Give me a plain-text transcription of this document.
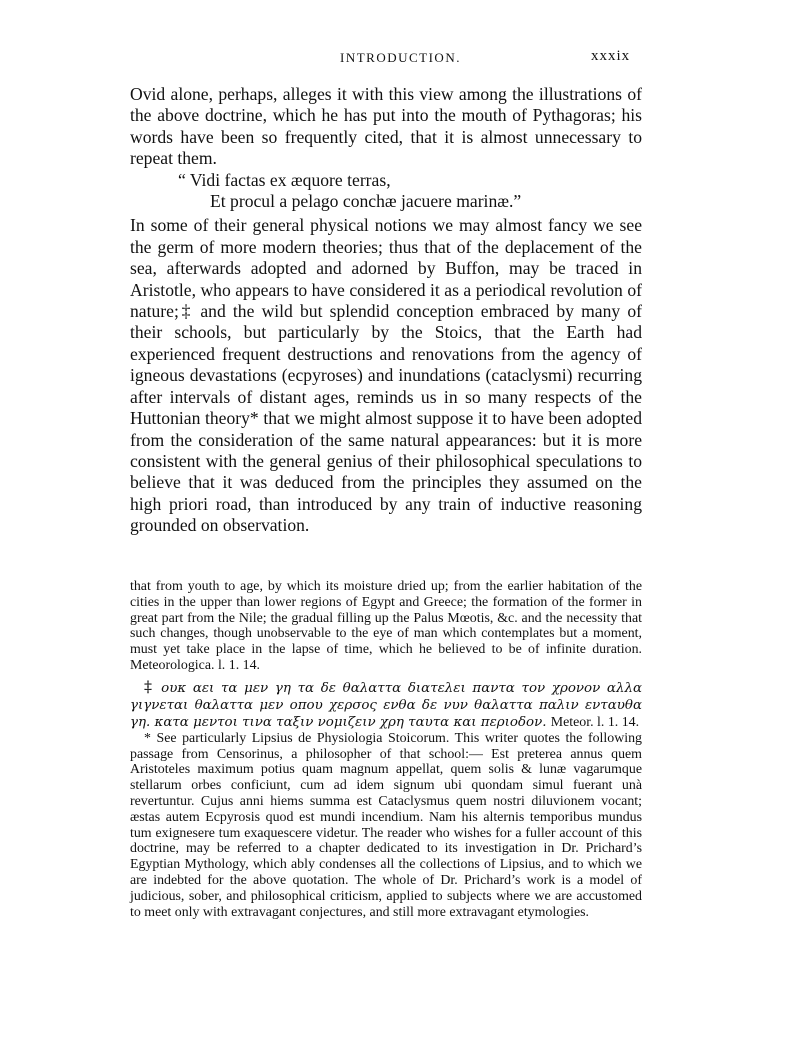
INTRODUCTION.	xxxix

Ovid alone, perhaps, alleges it with this view among the illustrations of the above doctrine, which he has put into the mouth of Pythagoras; his words have been so frequently cited, that it is almost unnecessary to repeat them.

“ Vidi factas ex æquore terras,
Et procul a pelago conchæ jacuere marinæ.”

In some of their general physical notions we may almost fancy we see the germ of more modern theories; thus that of the deplacement of the sea, afterwards adopted and adorned by Buffon, may be traced in Aristotle, who appears to have considered it as a periodical revolution of nature;‡ and the wild but splendid conception embraced by many of their schools, but particularly by the Stoics, that the Earth had experienced frequent destructions and renovations from the agency of igneous devastations (ecpyroses) and inundations (cataclysmi) recurring after intervals of distant ages, reminds us in so many respects of the Huttonian theory* that we might almost suppose it to have been adopted from the consideration of the same natural appearances: but it is more consistent with the general genius of their philosophical speculations to believe that it was deduced from the principles they assumed on the high priori road, than introduced by any train of inductive reasoning grounded on observation.

that from youth to age, by which its moisture dried up; from the earlier habitation of the cities in the upper than lower regions of Egypt and Greece; the formation of the former in great part from the Nile; the gradual filling up the Palus Mœotis, &c. and the necessity that such changes, though unobservable to the eye of man which contemplates but a moment, must yet take place in the lapse of time, which he believed to be of infinite duration. Meteorologica. l. 1. 14.

‡ ουκ αει τα μεν γη τα δε θαλαττα διατελει παντα τον χρονον αλλα γιγνεται θαλαττα μεν οπου χερσος ενθα δε νυν θαλαττα παλιν ενταυθα γη. κατα μεντοι τινα ταξιν νομιζειν χρη ταυτα και περιοδον. Meteor. l. 1. 14.

* See particularly Lipsius de Physiologia Stoicorum. This writer quotes the following passage from Censorinus, a philosopher of that school:— Est preterea annus quem Aristoteles maximum potius quam magnum appellat, quem solis & lunæ vagarumque stellarum orbes conficiunt, cum ad idem signum ubi quondam simul fuerant unà revertuntur. Cujus anni hiems summa est Cataclysmus quem nostri diluvionem vocant; æstas autem Ecpyrosis quod est mundi incendium. Nam his alternis temporibus mundus tum exignesere tum exaquescere videtur. The reader who wishes for a fuller account of this doctrine, may be referred to a chapter dedicated to its investigation in Dr. Prichard’s Egyptian Mythology, which ably condenses all the collections of Lipsius, and to which we are indebted for the above quotation. The whole of Dr. Prichard’s work is a model of judicious, sober, and philosophical criticism, applied to subjects where we are accustomed to meet only with extravagant conjectures, and still more extravagant etymologies.
